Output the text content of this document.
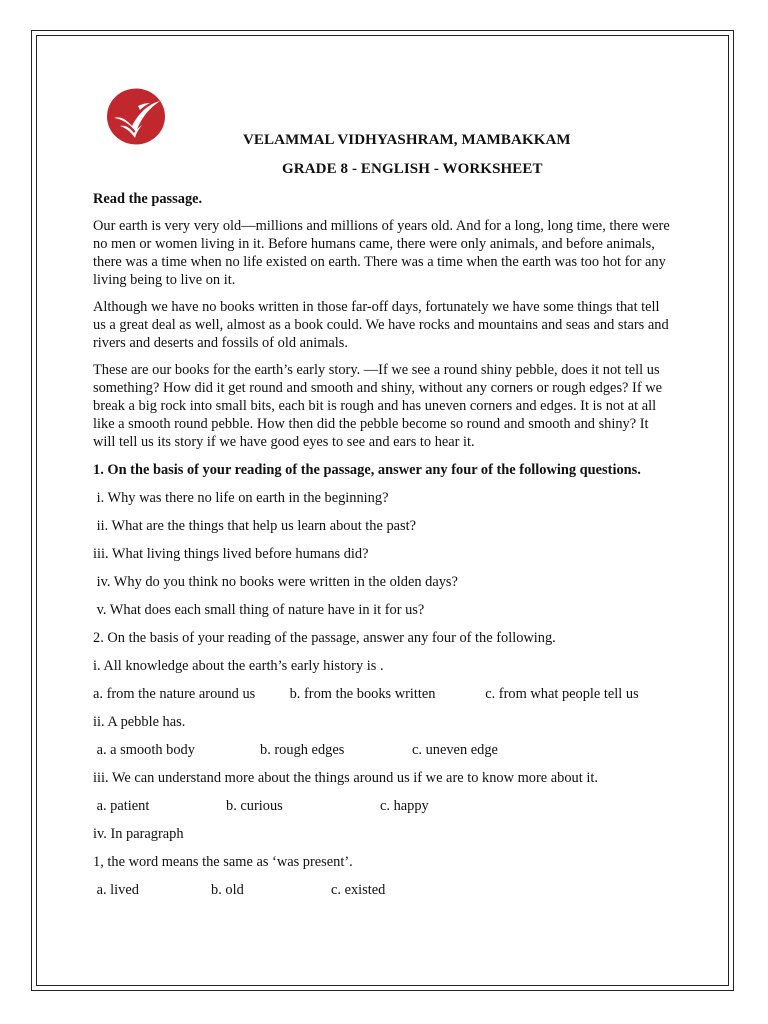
VELAMMAL VIDHYASHRAM, MAMBAKKAM
GRADE 8 - ENGLISH - WORKSHEET

Read the passage.

Our earth is very very old—millions and millions of years old. And for a long, long time, there were no men or women living in it. Before humans came, there were only animals, and before animals, there was a time when no life existed on earth. There was a time when the earth was too hot for any living being to live on it.

Although we have no books written in those far-off days, fortunately we have some things that tell us a great deal as well, almost as a book could. We have rocks and mountains and seas and stars and rivers and deserts and fossils of old animals.

These are our books for the earth’s early story. —If we see a round shiny pebble, does it not tell us something? How did it get round and smooth and shiny, without any corners or rough edges? If we break a big rock into small bits, each bit is rough and has uneven corners and edges. It is not at all like a smooth round pebble. How then did the pebble become so round and smooth and shiny? It will tell us its story if we have good eyes to see and ears to hear it.

1. On the basis of your reading of the passage, answer any four of the following questions.

i. Why was there no life on earth in the beginning?

ii. What are the things that help us learn about the past?

iii. What living things lived before humans did?

iv. Why do you think no books were written in the olden days?

v. What does each small thing of nature have in it for us?

2. On the basis of your reading of the passage, answer any four of the following.

i. All knowledge about the earth’s early history is .

a. from the nature around us b. from the books written	c. from what people tell us

ii. A pebble has.

a. a smooth body	b. rough edges	c. uneven edge

iii. We can understand more about the things around us if we are to know more about it.

a. patient	b. curious	c. happy

iv. In paragraph

1, the word means the same as ‘was present’.

a. lived	b. old	c. existed
